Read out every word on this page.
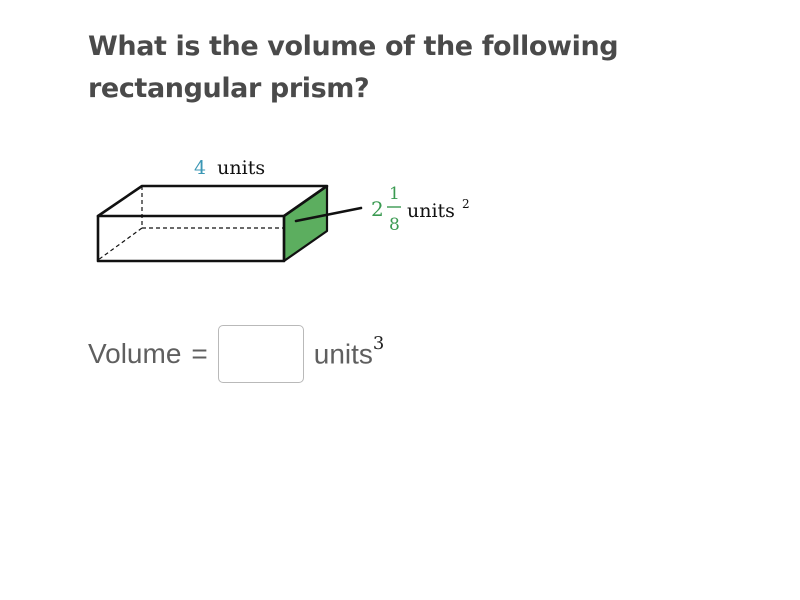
What is the volume of the following rectangular prism?
4 units
2
1
8
units $^2$
Volume =	units$^3$
